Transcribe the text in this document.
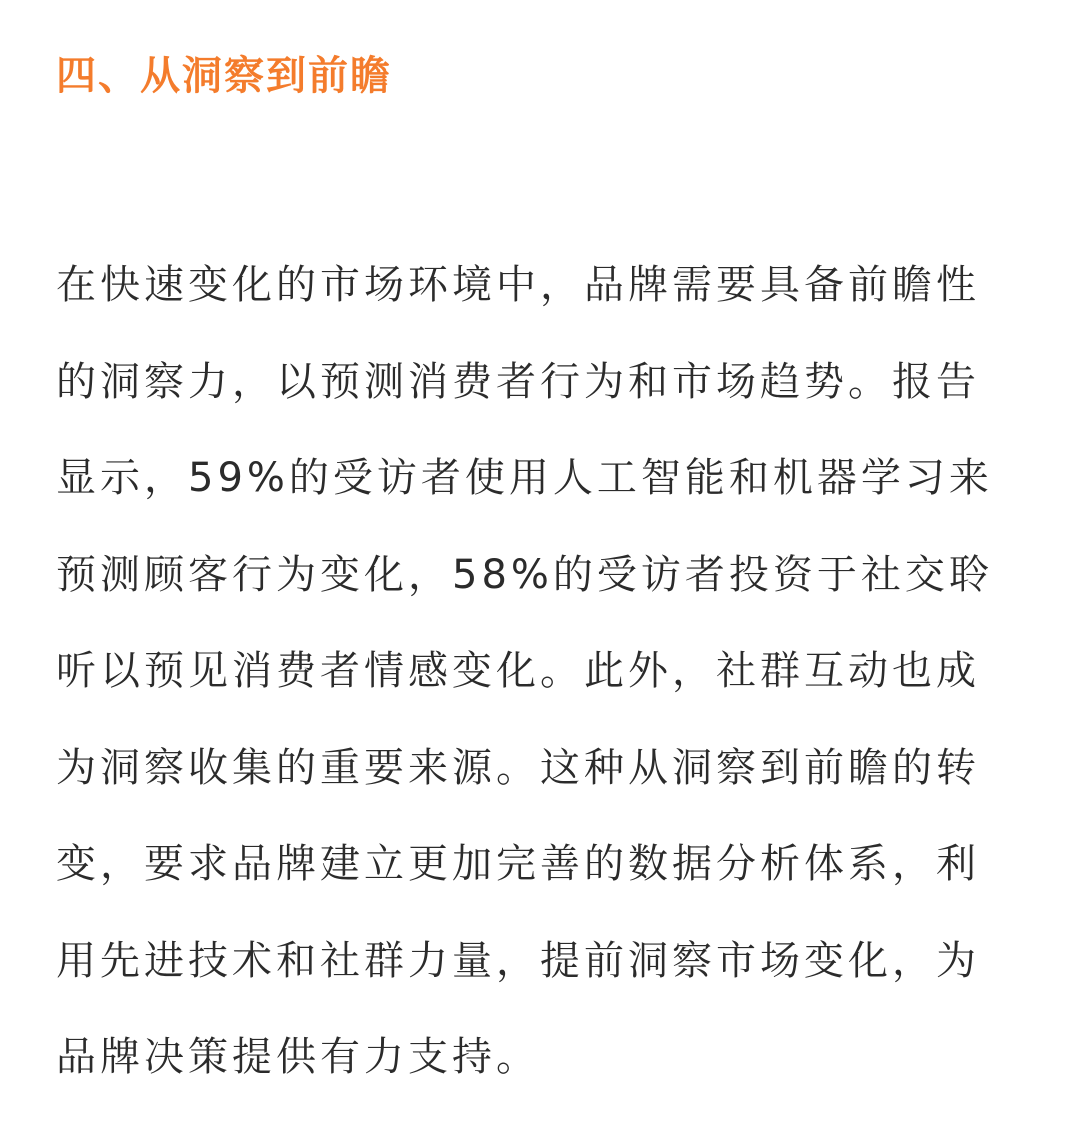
四、从洞察到前瞻
在快速变化的市场环境中，品牌需要具备前瞻性
的洞察力，以预测消费者行为和市场趋势。报告
显示，59%的受访者使用人工智能和机器学习来
预测顾客行为变化，58%的受访者投资于社交聆
听以预见消费者情感变化。此外，社群互动也成
为洞察收集的重要来源。这种从洞察到前瞻的转
变，要求品牌建立更加完善的数据分析体系，利
用先进技术和社群力量，提前洞察市场变化，为
品牌决策提供有力支持。
